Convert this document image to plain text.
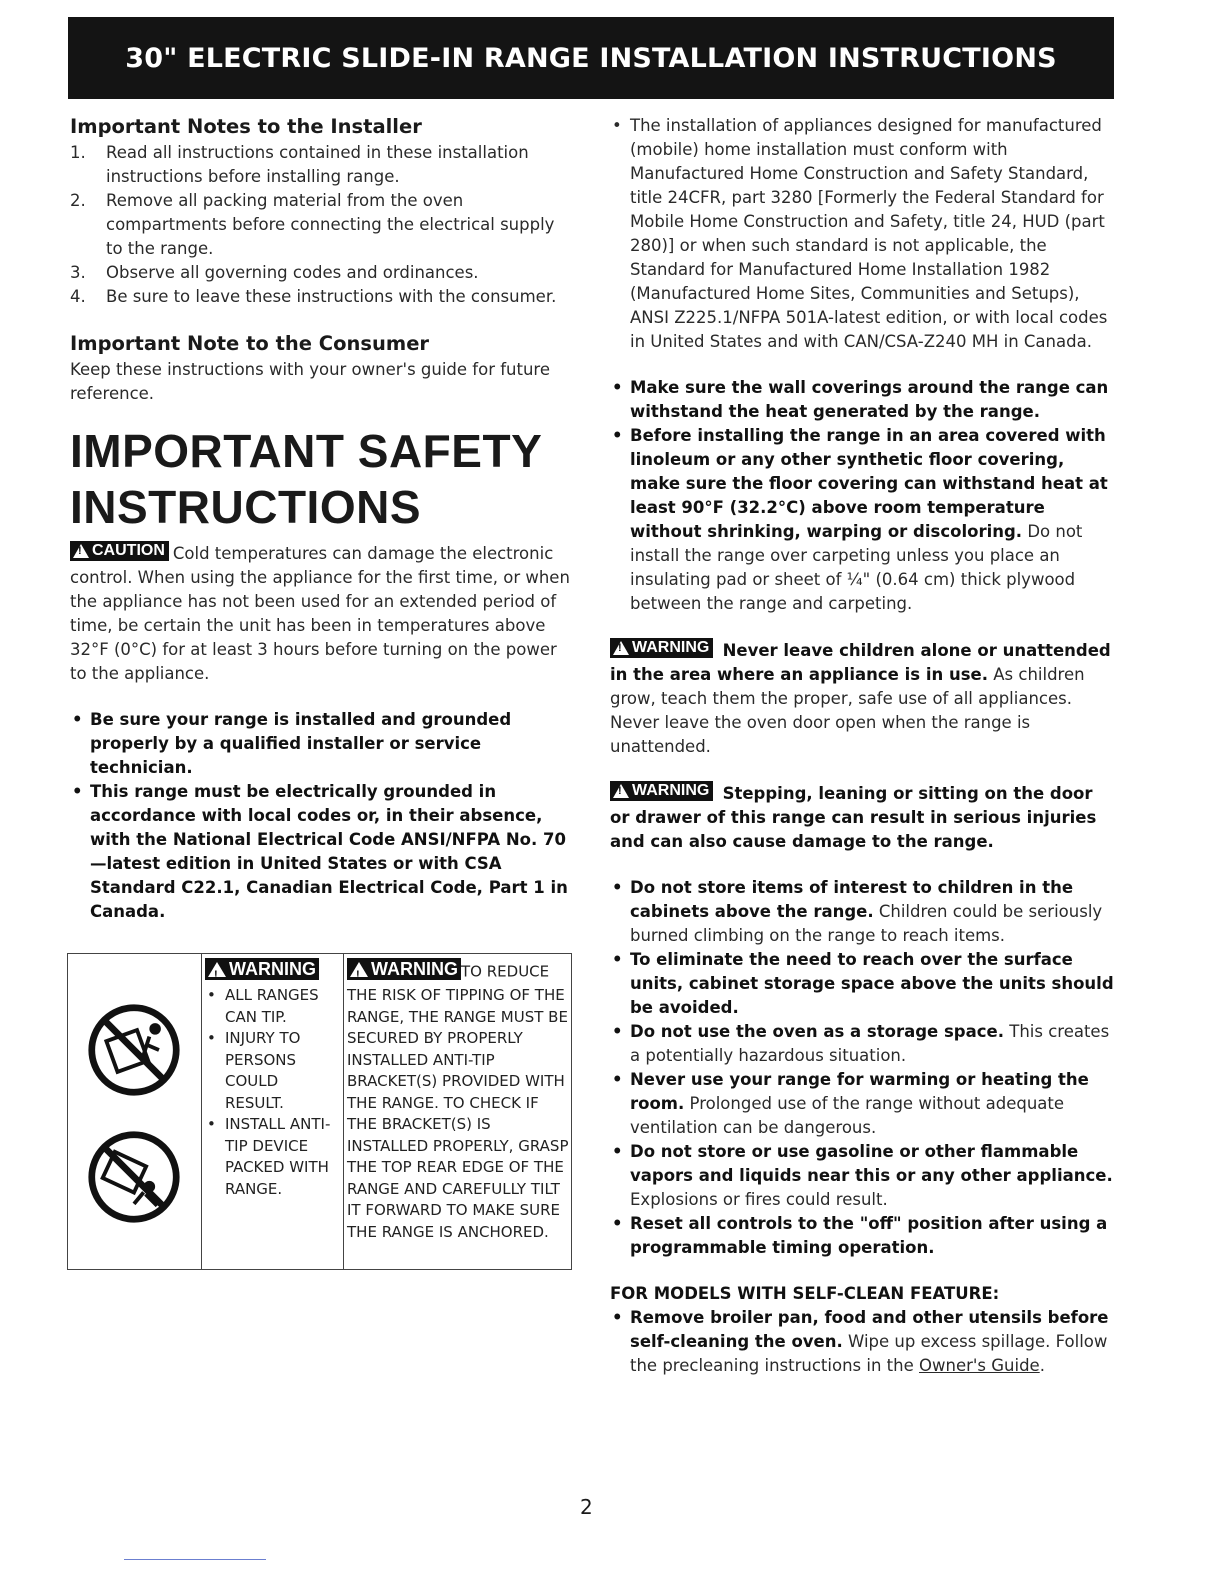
30" ELECTRIC SLIDE-IN RANGE INSTALLATION INSTRUCTIONS
Important Notes to the Installer
1. Read all instructions contained in these installation instructions before installing range.
2. Remove all packing material from the oven compartments before connecting the electrical supply to the range.
3. Observe all governing codes and ordinances.
4. Be sure to leave these instructions with the consumer.
Important Note to the Consumer
Keep these instructions with your owner's guide for future reference.
IMPORTANT SAFETY
INSTRUCTIONS
!
CAUTION Cold temperatures can damage the electronic control. When using the appliance for the first time, or when the appliance has not been used for an extended period of time, be certain the unit has been in temperatures above 32°F (0°C) for at least 3 hours before turning on the power to the appliance.
• Be sure your range is installed and grounded properly by a qualified installer or service technician.
• This range must be electrically grounded in accordance with local codes or, in their absence, with the National Electrical Code ANSI/NFPA No. 70—latest edition in United States or with CSA Standard C22.1, Canadian Electrical Code, Part 1 in Canada.
!
WARNING
• ALL RANGES CAN TIP.
• INJURY TO PERSONS COULD RESULT.
• INSTALL ANTI-TIP DEVICE PACKED WITH RANGE.
!
WARNING TO REDUCE
THE RISK OF TIPPING OF THE RANGE, THE RANGE MUST BE SECURED BY PROPERLY INSTALLED ANTI-TIP BRACKET(S) PROVIDED WITH THE RANGE. TO CHECK IF THE BRACKET(S) IS INSTALLED PROPERLY, GRASP THE TOP REAR EDGE OF THE RANGE AND CAREFULLY TILT IT FORWARD TO MAKE SURE THE RANGE IS ANCHORED.
• The installation of appliances designed for manufactured (mobile) home installation must conform with Manufactured Home Construction and Safety Standard, title 24CFR, part 3280 [Formerly the Federal Standard for Mobile Home Construction and Safety, title 24, HUD (part 280)] or when such standard is not applicable, the Standard for Manufactured Home Installation 1982 (Manufactured Home Sites, Communities and Setups), ANSI Z225.1/NFPA 501A-latest edition, or with local codes in United States and with CAN/CSA-Z240 MH in Canada.
• Make sure the wall coverings around the range can withstand the heat generated by the range.
• Before installing the range in an area covered with linoleum or any other synthetic floor covering, make sure the floor covering can withstand heat at least 90°F (32.2°C) above room temperature without shrinking, warping or discoloring. Do not install the range over carpeting unless you place an insulating pad or sheet of ¼" (0.64 cm) thick plywood between the range and carpeting.
!
WARNING Never leave children alone or unattended in the area where an appliance is in use. As children grow, teach them the proper, safe use of all appliances. Never leave the oven door open when the range is unattended.
!
WARNING Stepping, leaning or sitting on the door or drawer of this range can result in serious injuries and can also cause damage to the range.
• Do not store items of interest to children in the cabinets above the range. Children could be seriously burned climbing on the range to reach items.
• To eliminate the need to reach over the surface units, cabinet storage space above the units should be avoided.
• Do not use the oven as a storage space. This creates a potentially hazardous situation.
• Never use your range for warming or heating the room. Prolonged use of the range without adequate ventilation can be dangerous.
• Do not store or use gasoline or other flammable vapors and liquids near this or any other appliance. Explosions or fires could result.
• Reset all controls to the "off" position after using a programmable timing operation.
FOR MODELS WITH SELF-CLEAN FEATURE:
• Remove broiler pan, food and other utensils before self-cleaning the oven. Wipe up excess spillage. Follow the precleaning instructions in the Owner's Guide.
2
